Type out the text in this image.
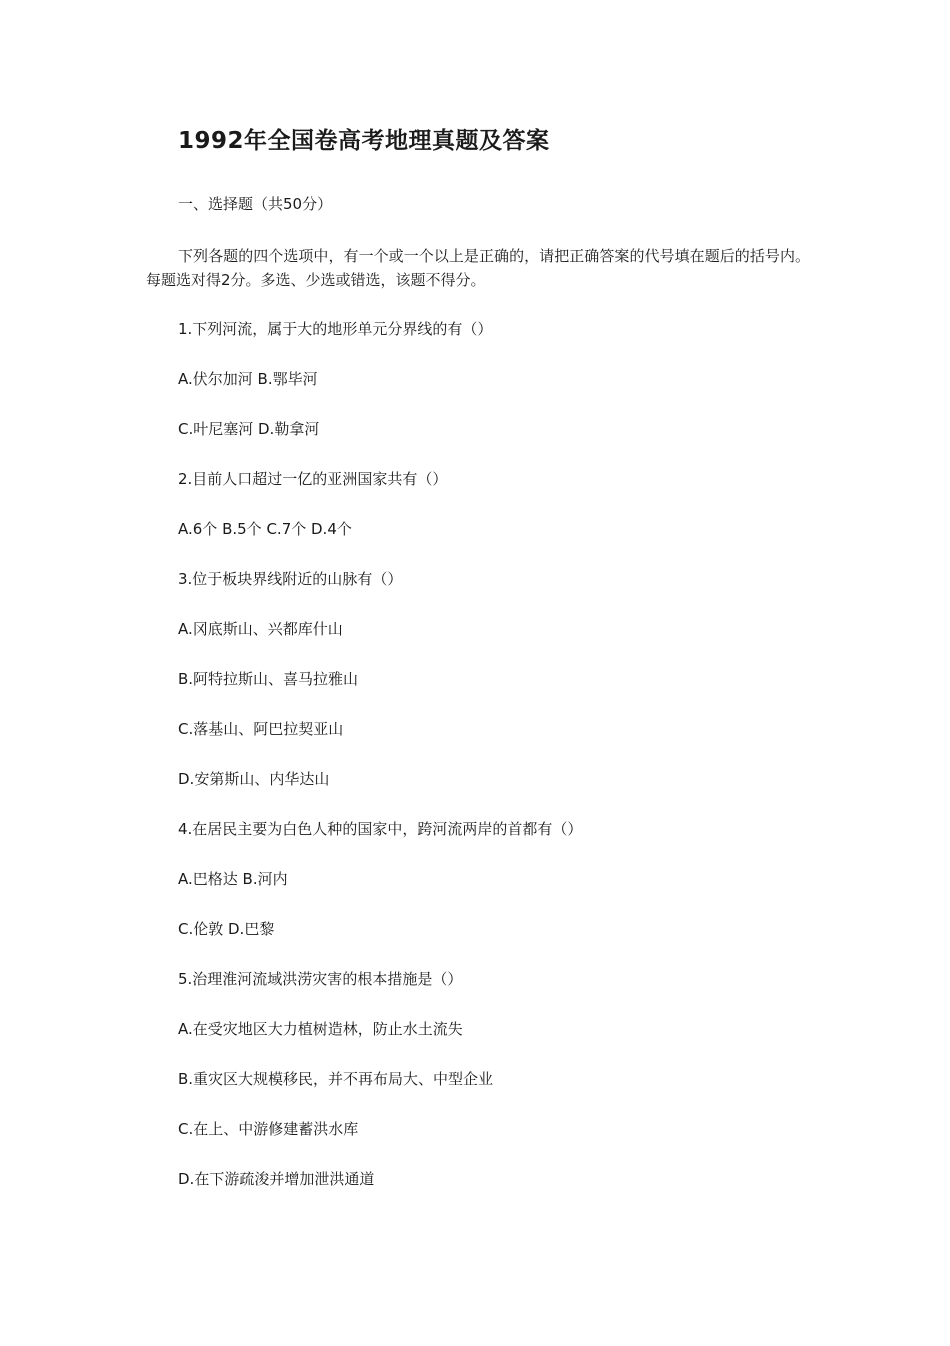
1992年全国卷高考地理真题及答案
一、选择题（共50分）
下列各题的四个选项中，有一个或一个以上是正确的，请把正确答案的代号填在题后的括号内。每题选对得2分。多选、少选或错选，该题不得分。
1.下列河流，属于大的地形单元分界线的有（）
A.伏尔加河 B.鄂毕河
C.叶尼塞河 D.勒拿河
2.目前人口超过一亿的亚洲国家共有（）
A.6个 B.5个 C.7个 D.4个
3.位于板块界线附近的山脉有（）
A.冈底斯山、兴都库什山
B.阿特拉斯山、喜马拉雅山
C.落基山、阿巴拉契亚山
D.安第斯山、内华达山
4.在居民主要为白色人种的国家中，跨河流两岸的首都有（）
A.巴格达 B.河内
C.伦敦 D.巴黎
5.治理淮河流域洪涝灾害的根本措施是（）
A.在受灾地区大力植树造林，防止水土流失
B.重灾区大规模移民，并不再布局大、中型企业
C.在上、中游修建蓄洪水库
D.在下游疏浚并增加泄洪通道
